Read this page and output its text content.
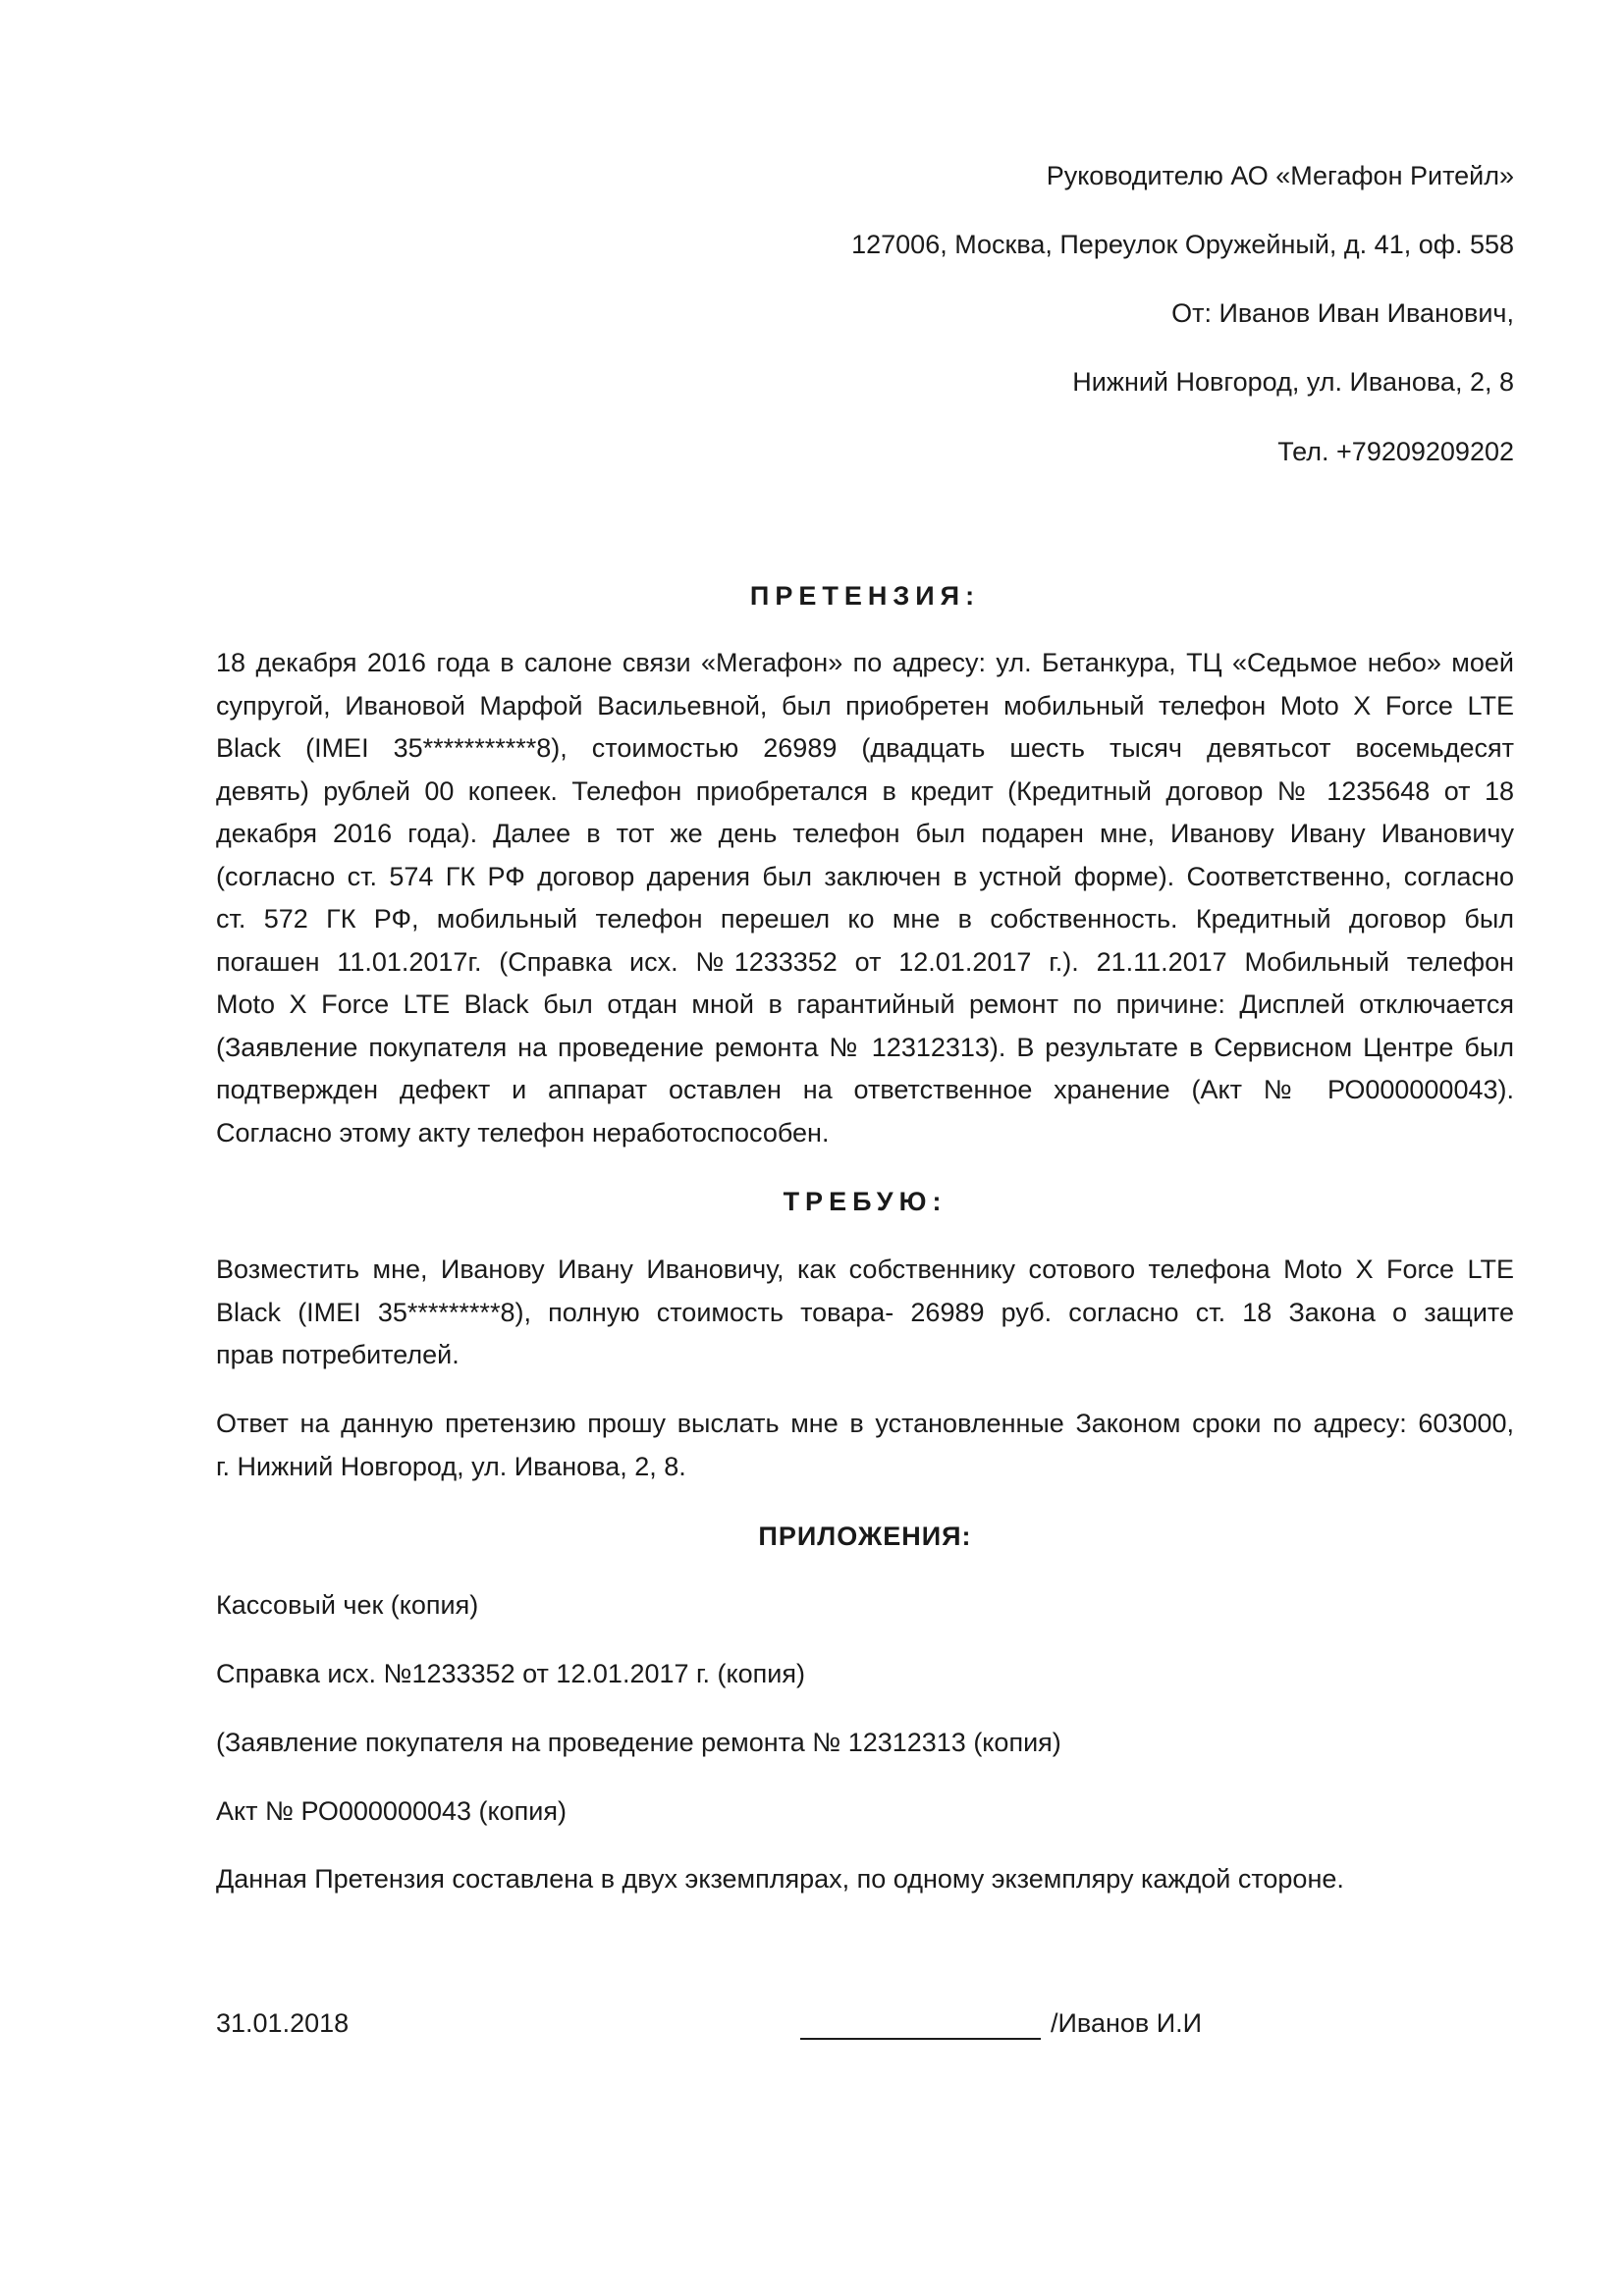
Руководителю АО «Мегафон Ритейл»
127006, Москва, Переулок Оружейный, д. 41, оф. 558
От: Иванов Иван Иванович,
Нижний Новгород, ул. Иванова, 2, 8
Тел. +79209209202
ПРЕТЕНЗИЯ:
18 декабря 2016 года в салоне связи «Мегафон» по адресу: ул. Бетанкура, ТЦ «Седьмое небо» моей
супругой, Ивановой Марфой Васильевной, был приобретен мобильный телефон Moto X Force LTE
Black (IMEI 35***********8), стоимостью 26989 (двадцать шесть тысяч девятьсот восемьдесят
девять) рублей 00 копеек. Телефон приобретался в кредит (Кредитный договор № 1235648 от 18
декабря 2016 года). Далее в тот же день телефон был подарен мне, Иванову Ивану Ивановичу
(согласно ст. 574 ГК РФ договор дарения был заключен в устной форме). Соответственно, согласно
ст. 572 ГК РФ, мобильный телефон перешел ко мне в собственность. Кредитный договор был
погашен 11.01.2017г. (Справка исх. №1233352 от 12.01.2017 г.). 21.11.2017 Мобильный телефон
Moto X Force LTE Black был отдан мной в гарантийный ремонт по причине: Дисплей отключается
(Заявление покупателя на проведение ремонта № 12312313). В результате в Сервисном Центре был
подтвержден дефект и аппарат оставлен на ответственное хранение (Акт № РО000000043).
Согласно этому акту телефон неработоспособен.
ТРЕБУЮ:
Возместить мне, Иванову Ивану Ивановичу, как собственнику сотового телефона Moto X Force LTE
Black (IMEI 35*********8), полную стоимость товара- 26989 руб. согласно ст. 18 Закона о защите
прав потребителей.
Ответ на данную претензию прошу выслать мне в установленные Законом сроки по адресу: 603000,
г. Нижний Новгород, ул. Иванова, 2, 8.
ПРИЛОЖЕНИЯ:
Кассовый чек (копия)
Справка исх. №1233352 от 12.01.2017 г. (копия)
(Заявление покупателя на проведение ремонта № 12312313 (копия)
Акт № РО000000043 (копия)
Данная Претензия составлена в двух экземплярах, по одному экземпляру каждой стороне.
31.01.2018	/Иванов И.И
